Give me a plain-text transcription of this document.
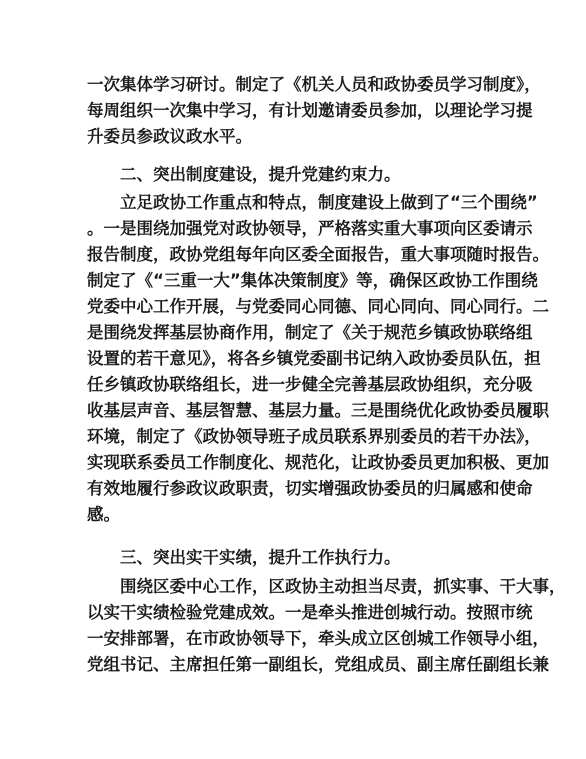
一次集体学习研讨。制定了《机关人员和政协委员学习制度》，
每周组织一次集中学习，有计划邀请委员参加，以理论学习提
升委员参政议政水平。
二、突出制度建设，提升党建约束力。
立足政协工作重点和特点，制度建设上做到了“三个围绕”
。一是围绕加强党对政协领导，严格落实重大事项向区委请示
报告制度，政协党组每年向区委全面报告，重大事项随时报告。
制定了《“三重一大”集体决策制度》等，确保区政协工作围绕
党委中心工作开展，与党委同心同德、同心同向、同心同行。二
是围绕发挥基层协商作用，制定了《关于规范乡镇政协联络组
设置的若干意见》，将各乡镇党委副书记纳入政协委员队伍，担
任乡镇政协联络组长，进一步健全完善基层政协组织，充分吸
收基层声音、基层智慧、基层力量。三是围绕优化政协委员履职
环境，制定了《政协领导班子成员联系界别委员的若干办法》，
实现联系委员工作制度化、规范化，让政协委员更加积极、更加
有效地履行参政议政职责，切实增强政协委员的归属感和使命
感。
三、突出实干实绩，提升工作执行力。
围绕区委中心工作，区政协主动担当尽责，抓实事、干大事，
以实干实绩检验党建成效。一是牵头推进创城行动。按照市统
一安排部署，在市政协领导下，牵头成立区创城工作领导小组，
党组书记、主席担任第一副组长，党组成员、副主席任副组长兼
